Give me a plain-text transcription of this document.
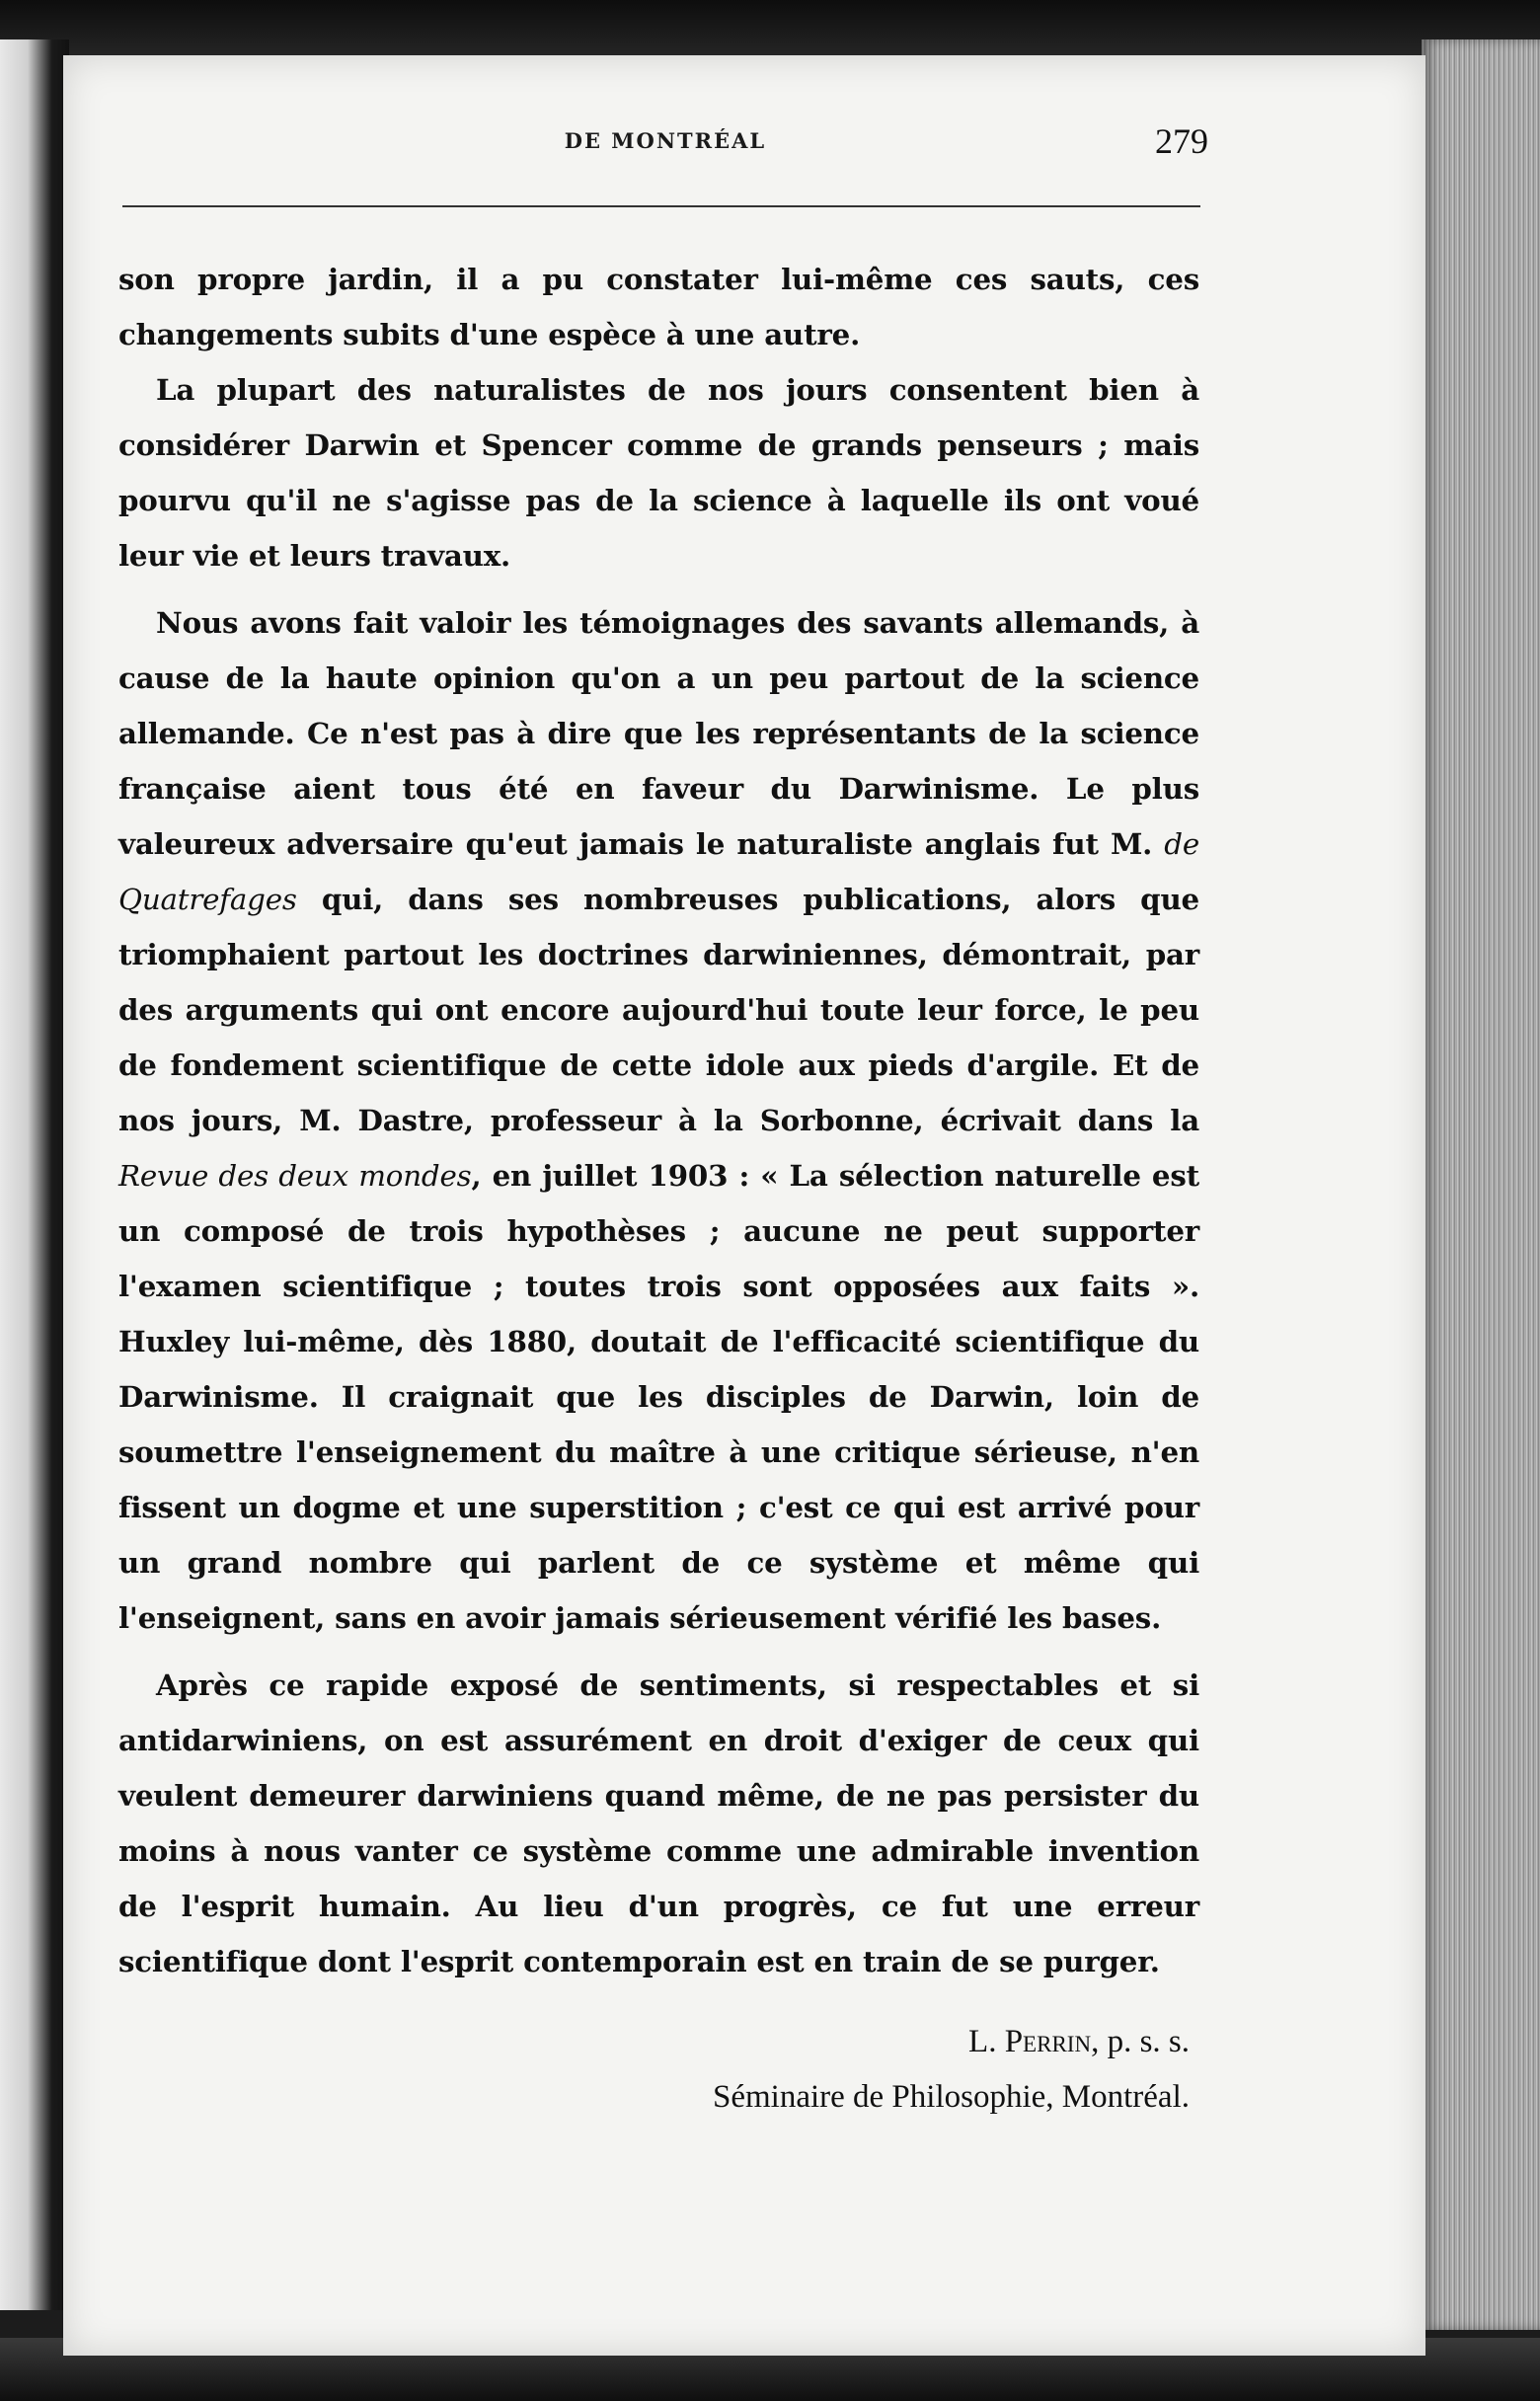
DE MONTRÉAL	279

son propre jardin, il a pu constater lui-même ces sauts, ces changements subits d'une espèce à une autre.

La plupart des naturalistes de nos jours consentent bien à considérer Darwin et Spencer comme de grands penseurs ; mais pourvu qu'il ne s'agisse pas de la science à laquelle ils ont voué leur vie et leurs travaux.

Nous avons fait valoir les témoignages des savants allemands, à cause de la haute opinion qu'on a un peu partout de la science allemande. Ce n'est pas à dire que les représentants de la science française aient tous été en faveur du Darwinisme. Le plus valeureux adversaire qu'eut jamais le naturaliste anglais fut M. de Quatrefages qui, dans ses nombreuses publications, alors que triomphaient partout les doctrines darwiniennes, démontrait, par des arguments qui ont encore aujourd'hui toute leur force, le peu de fondement scientifique de cette idole aux pieds d'argile. Et de nos jours, M. Dastre, professeur à la Sorbonne, écrivait dans la Revue des deux mondes, en juillet 1903 : « La sélection naturelle est un composé de trois hypothèses ; aucune ne peut supporter l'examen scientifique ; toutes trois sont opposées aux faits ». Huxley lui-même, dès 1880, doutait de l'efficacité scientifique du Darwinisme. Il craignait que les disciples de Darwin, loin de soumettre l'enseignement du maître à une critique sérieuse, n'en fissent un dogme et une superstition ; c'est ce qui est arrivé pour un grand nombre qui parlent de ce système et même qui l'enseignent, sans en avoir jamais sérieusement vérifié les bases.

Après ce rapide exposé de sentiments, si respectables et si antidarwiniens, on est assurément en droit d'exiger de ceux qui veulent demeurer darwiniens quand même, de ne pas persister du moins à nous vanter ce système comme une admirable invention de l'esprit humain. Au lieu d'un progrès, ce fut une erreur scientifique dont l'esprit contemporain est en train de se purger.

L. Perrin, p. s. s.
Séminaire de Philosophie, Montréal.
